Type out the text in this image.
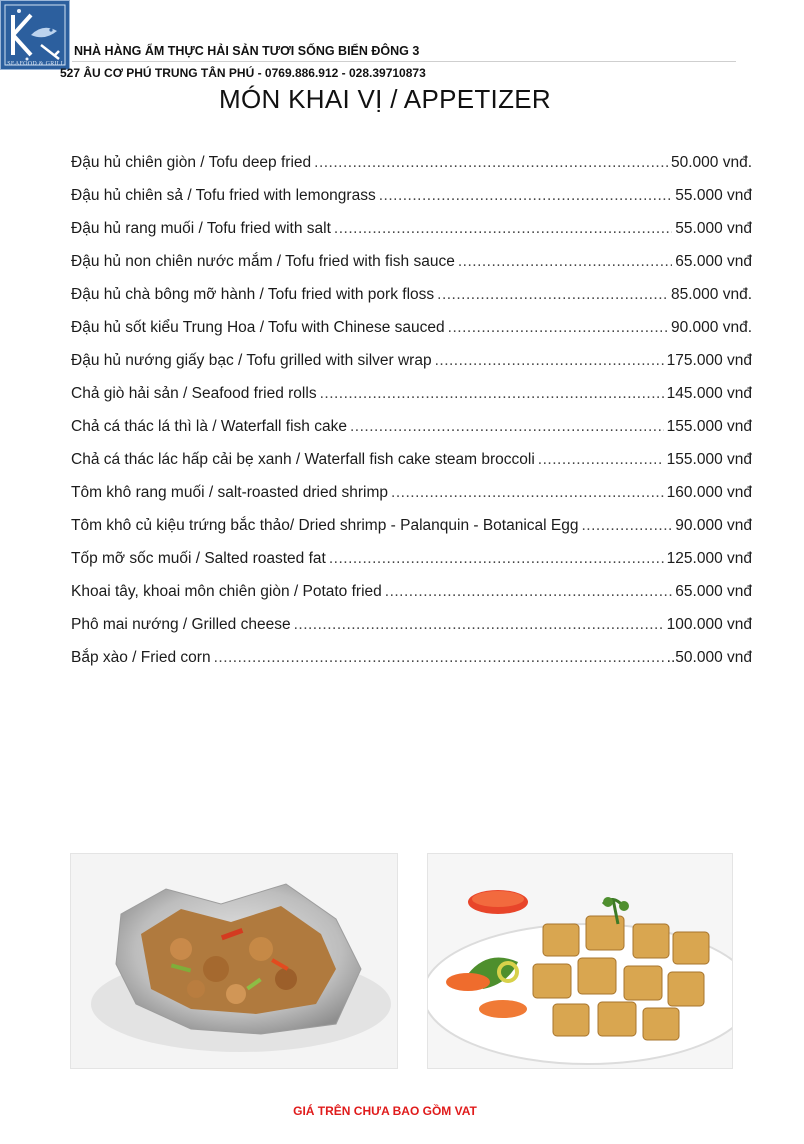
SEAFOOD & GRILL
NHÀ HÀNG ẨM THỰC HẢI SẢN TƯƠI SỐNG BIỂN ĐÔNG 3
527 ÂU CƠ PHÚ TRUNG TÂN PHÚ - 0769.886.912 - 028.39710873
MÓN KHAI VỊ / APPETIZER
Đậu hủ chiên giòn / Tofu deep fried .....	50.000 vnđ.
Đậu hủ chiên sả / Tofu fried with lemongrass .....	55.000 vnđ
Đậu hủ rang muối / Tofu fried with salt .....	55.000 vnđ
Đậu hủ non chiên nước mắm / Tofu fried with fish sauce .....	65.000 vnđ
Đậu hủ chà bông mỡ hành / Tofu fried with pork floss .....	85.000 vnđ.
Đậu hủ sốt kiểu Trung Hoa / Tofu with Chinese sauced .....	90.000 vnđ.
Đậu hủ nướng giấy bạc / Tofu grilled with silver wrap .....	175.000 vnđ
Chả giò hải sản / Seafood fried rolls .....	145.000 vnđ
Chả cá thác lá thì là / Waterfall fish cake .....	155.000 vnđ
Chả cá thác lác hấp cải bẹ xanh / Waterfall fish cake steam broccoli .....	155.000 vnđ
Tôm khô rang muối / salt-roasted dried shrimp .....	160.000 vnđ
Tôm khô củ kiệu trứng bắc thảo/ Dried shrimp - Palanquin - Botanical Egg .....	90.000 vnđ
Tốp mỡ sốc muối / Salted roasted fat .....	125.000 vnđ
Khoai tây, khoai môn chiên giòn / Potato fried .....	65.000 vnđ
Phô mai nướng / Grilled cheese .....	100.000 vnđ
Bắp xào / Fried corn .....	..50.000 vnđ
GIÁ TRÊN CHƯA BAO GỒM VAT
